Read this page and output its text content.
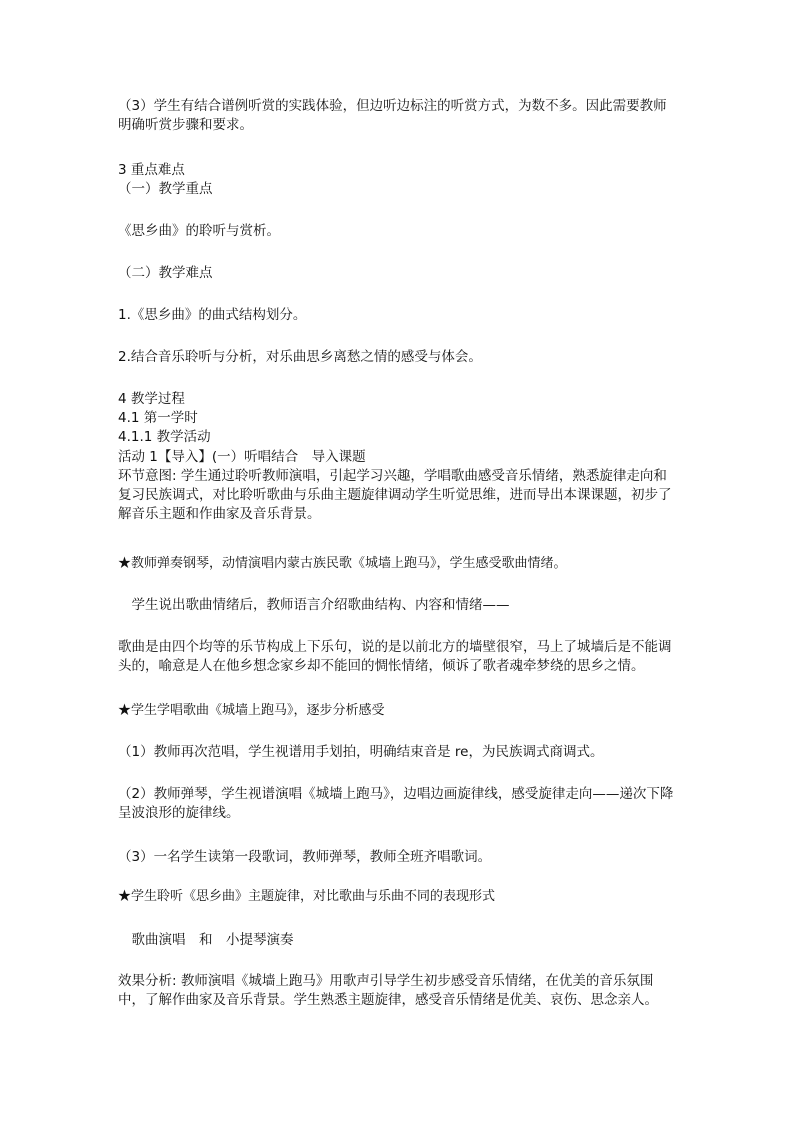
（3）学生有结合谱例听赏的实践体验，但边听边标注的听赏方式，为数不多。因此需要教师明确听赏步骤和要求。

3 重点难点

（一）教学重点

《思乡曲》的聆听与赏析。

（二）教学难点

1.《思乡曲》的曲式结构划分。

2.结合音乐聆听与分析，对乐曲思乡离愁之情的感受与体会。

4 教学过程

4.1 第一学时

4.1.1 教学活动

活动 1【导入】(一）听唱结合　导入课题

环节意图: 学生通过聆听教师演唱，引起学习兴趣，学唱歌曲感受音乐情绪，熟悉旋律走向和复习民族调式，对比聆听歌曲与乐曲主题旋律调动学生听觉思维，进而导出本课课题，初步了解音乐主题和作曲家及音乐背景。

★教师弹奏钢琴，动情演唱内蒙古族民歌《城墙上跑马》，学生感受歌曲情绪。

　学生说出歌曲情绪后，教师语言介绍歌曲结构、内容和情绪——

歌曲是由四个均等的乐节构成上下乐句，说的是以前北方的墙壁很窄，马上了城墙后是不能调头的，喻意是人在他乡想念家乡却不能回的惆怅情绪，倾诉了歌者魂牵梦绕的思乡之情。

★学生学唱歌曲《城墙上跑马》，逐步分析感受

（1）教师再次范唱，学生视谱用手划拍，明确结束音是 re，为民族调式商调式。

（2）教师弹琴，学生视谱演唱《城墙上跑马》，边唱边画旋律线，感受旋律走向——递次下降呈波浪形的旋律线。

（3）一名学生读第一段歌词，教师弹琴，教师全班齐唱歌词。

★学生聆听《思乡曲》主题旋律，对比歌曲与乐曲不同的表现形式

　歌曲演唱　和　小提琴演奏

效果分析: 教师演唱《城墙上跑马》用歌声引导学生初步感受音乐情绪，在优美的音乐氛围中，了解作曲家及音乐背景。学生熟悉主题旋律，感受音乐情绪是优美、哀伤、思念亲人。
